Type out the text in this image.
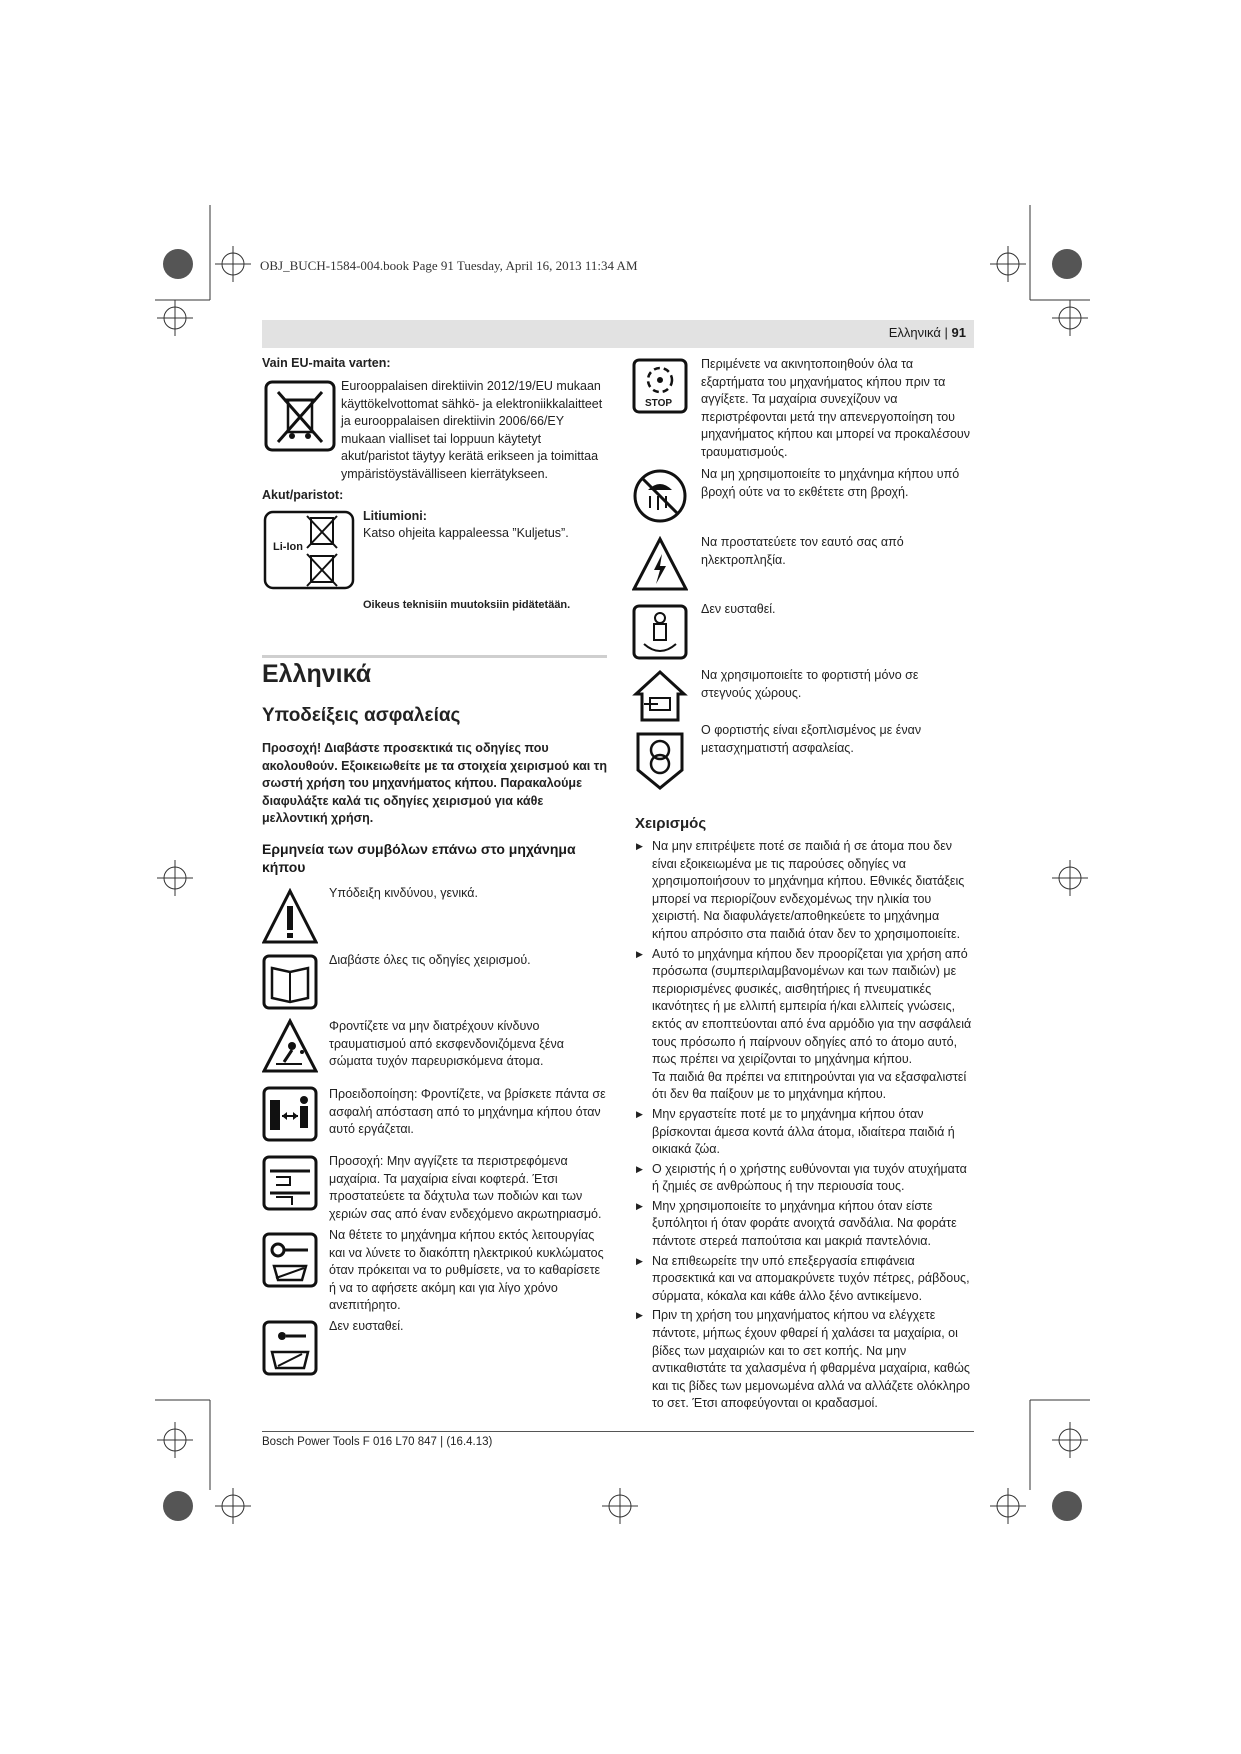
OBJ_BUCH-1584-004.book Page 91 Tuesday, April 16, 2013 11:34 AM
Ελληνικά | 91
Vain EU-maita varten:
Eurooppalaisen direktiivin 2012/19/EU mukaan käyttökelvottomat sähkö- ja elektroniikkalaitteet ja eurooppalaisen direktiivin 2006/66/EY mukaan vialliset tai loppuun käytetyt akut/paristot täytyy kerätä erikseen ja toimittaa ympäristöystävälliseen kierrätykseen.
Akut/paristot:
Li-Ion
Litiumioni:
Katso ohjeita kappaleessa ”Kuljetus”.
Oikeus teknisiin muutoksiin pidätetään.
Ελληνικά
Υποδείξεις ασφαλείας
Προσοχή! Διαβάστε προσεκτικά τις οδηγίες που ακολουθούν. Εξοικειωθείτε με τα στοιχεία χειρισμού και τη σωστή χρήση του μηχανήματος κήπου. Παρακαλούμε διαφυλάξτε καλά τις οδηγίες χειρισμού για κάθε μελλοντική χρήση.
Ερμηνεία των συμβόλων επάνω στο μηχάνημα κήπου
Υπόδειξη κινδύνου, γενικά.
Διαβάστε όλες τις οδηγίες χειρισμού.
Φροντίζετε να μην διατρέχουν κίνδυνο τραυματισμού από εκσφενδονιζόμενα ξένα σώματα τυχόν παρευρισκόμενα άτομα.
Προειδοποίηση: Φροντίζετε, να βρίσκετε πάντα σε ασφαλή απόσταση από το μηχάνημα κήπου όταν αυτό εργάζεται.
Προσοχή: Μην αγγίζετε τα περιστρεφόμενα μαχαίρια. Τα μαχαίρια είναι κοφτερά. Έτσι προστατεύετε τα δάχτυλα των ποδιών και των χεριών σας από έναν ενδεχόμενο ακρωτηριασμό.
Να θέτετε το μηχάνημα κήπου εκτός λειτουργίας και να λύνετε το διακόπτη ηλεκτρικού κυκλώματος όταν πρόκειται να το ρυθμίσετε, να το καθαρίσετε ή να το αφήσετε ακόμη και για λίγο χρόνο ανεπιτήρητο.
Δεν ευσταθεί.
STOP
Περιμένετε να ακινητοποιηθούν όλα τα εξαρτήματα του μηχανήματος κήπου πριν τα αγγίξετε. Τα μαχαίρια συνεχίζουν να περιστρέφονται μετά την απενεργοποίηση του μηχανήματος κήπου και μπορεί να προκαλέσουν τραυματισμούς.
Να μη χρησιμοποιείτε το μηχάνημα κήπου υπό βροχή ούτε να το εκθέτετε στη βροχή.
Να προστατεύετε τον εαυτό σας από ηλεκτροπληξία.
Δεν ευσταθεί.
Να χρησιμοποιείτε το φορτιστή μόνο σε στεγνούς χώρους.
Ο φορτιστής είναι εξοπλισμένος με έναν μετασχηματιστή ασφαλείας.
Χειρισμός
▶ Να μην επιτρέψετε ποτέ σε παιδιά ή σε άτομα που δεν είναι εξοικειωμένα με τις παρούσες οδηγίες να χρησιμοποιήσουν το μηχάνημα κήπου. Εθνικές διατάξεις μπορεί να περιορίζουν ενδεχομένως την ηλικία του χειριστή. Να διαφυλάγετε/αποθηκεύετε το μηχάνημα κήπου απρόσιτο στα παιδιά όταν δεν το χρησιμοποιείτε.
▶ Αυτό το μηχάνημα κήπου δεν προορίζεται για χρήση από πρόσωπα (συμπεριλαμβανομένων και των παιδιών) με περιορισμένες φυσικές, αισθητήριες ή πνευματικές ικανότητες ή με ελλιπή εμπειρία ή/και ελλιπείς γνώσεις, εκτός αν εποπτεύονται από ένα αρμόδιο για την ασφάλειά τους πρόσωπο ή παίρνουν οδηγίες από το άτομο αυτό, πως πρέπει να χειρίζονται το μηχάνημα κήπου.
Τα παιδιά θα πρέπει να επιτηρούνται για να εξασφαλιστεί ότι δεν θα παίξουν με το μηχάνημα κήπου.
▶ Μην εργαστείτε ποτέ με το μηχάνημα κήπου όταν βρίσκονται άμεσα κοντά άλλα άτομα, ιδιαίτερα παιδιά ή οικιακά ζώα.
▶ Ο χειριστής ή ο χρήστης ευθύνονται για τυχόν ατυχήματα ή ζημιές σε ανθρώπους ή την περιουσία τους.
▶ Μην χρησιμοποιείτε το μηχάνημα κήπου όταν είστε ξυπόλητοι ή όταν φοράτε ανοιχτά σανδάλια. Να φοράτε πάντοτε στερεά παπούτσια και μακριά παντελόνια.
▶ Να επιθεωρείτε την υπό επεξεργασία επιφάνεια προσεκτικά και να απομακρύνετε τυχόν πέτρες, ράβδους, σύρματα, κόκαλα και κάθε άλλο ξένο αντικείμενο.
▶ Πριν τη χρήση του μηχανήματος κήπου να ελέγχετε πάντοτε, μήπως έχουν φθαρεί ή χαλάσει τα μαχαίρια, οι βίδες των μαχαιριών και το σετ κοπής. Να μην αντικαθιστάτε τα χαλασμένα ή φθαρμένα μαχαίρια, καθώς και τις βίδες των μεμονωμένα αλλά να αλλάζετε ολόκληρο το σετ. Έτσι αποφεύγονται οι κραδασμοί.
Bosch Power Tools F 016 L70 847 | (16.4.13)
